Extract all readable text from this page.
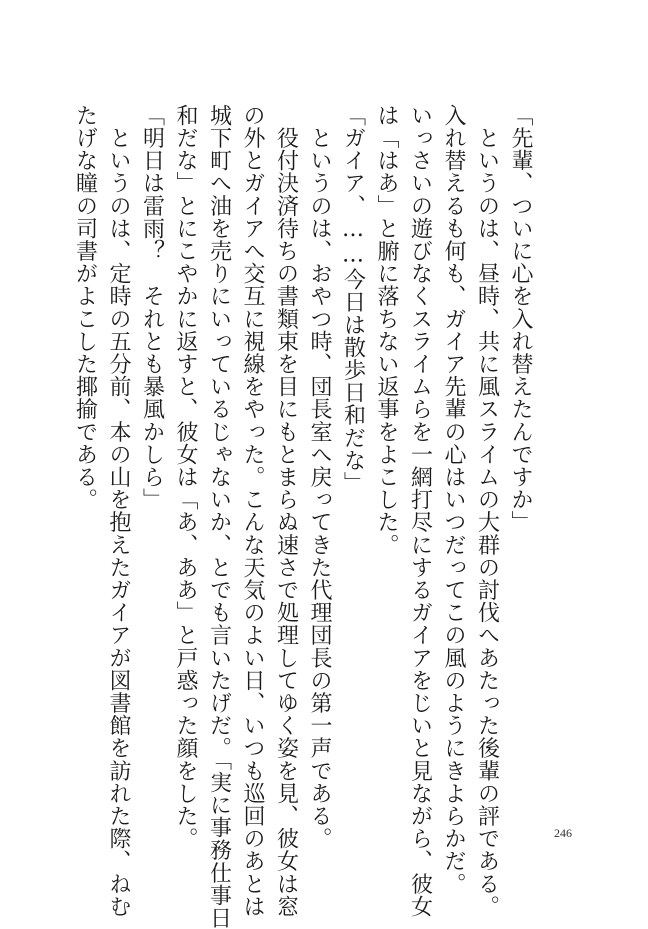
「先輩、ついに心を入れ替えたんですか」
　というのは、昼時、共に風スライムの大群の討伐へあたった後輩の評である。
入れ替えるも何も、ガイア先輩の心はいつだってこの風のようにきよらかだ。
いっさいの遊びなくスライムらを一網打尽にするガイアをじいと見ながら、彼女
は「はあ」と腑に落ちない返事をよこした。
「ガイア、……今日は散歩日和だな」
　というのは、おやつ時、団長室へ戻ってきた代理団長の第一声である。
　役付決済待ちの書類束を目にもとまらぬ速さで処理してゆく姿を見、彼女は窓
の外とガイアへ交互に視線をやった。こんな天気のよい日、いつも巡回のあとは
城下町へ油を売りにいっているじゃないか、とでも言いたげだ。「実に事務仕事日
和だな」とにこやかに返すと、彼女は「あ、ああ」と戸惑った顔をした。
「明日は雷雨？　それとも暴風かしら」
　というのは、定時の五分前、本の山を抱えたガイアが図書館を訪れた際、ねむ
たげな瞳の司書がよこした揶揄である。
246
